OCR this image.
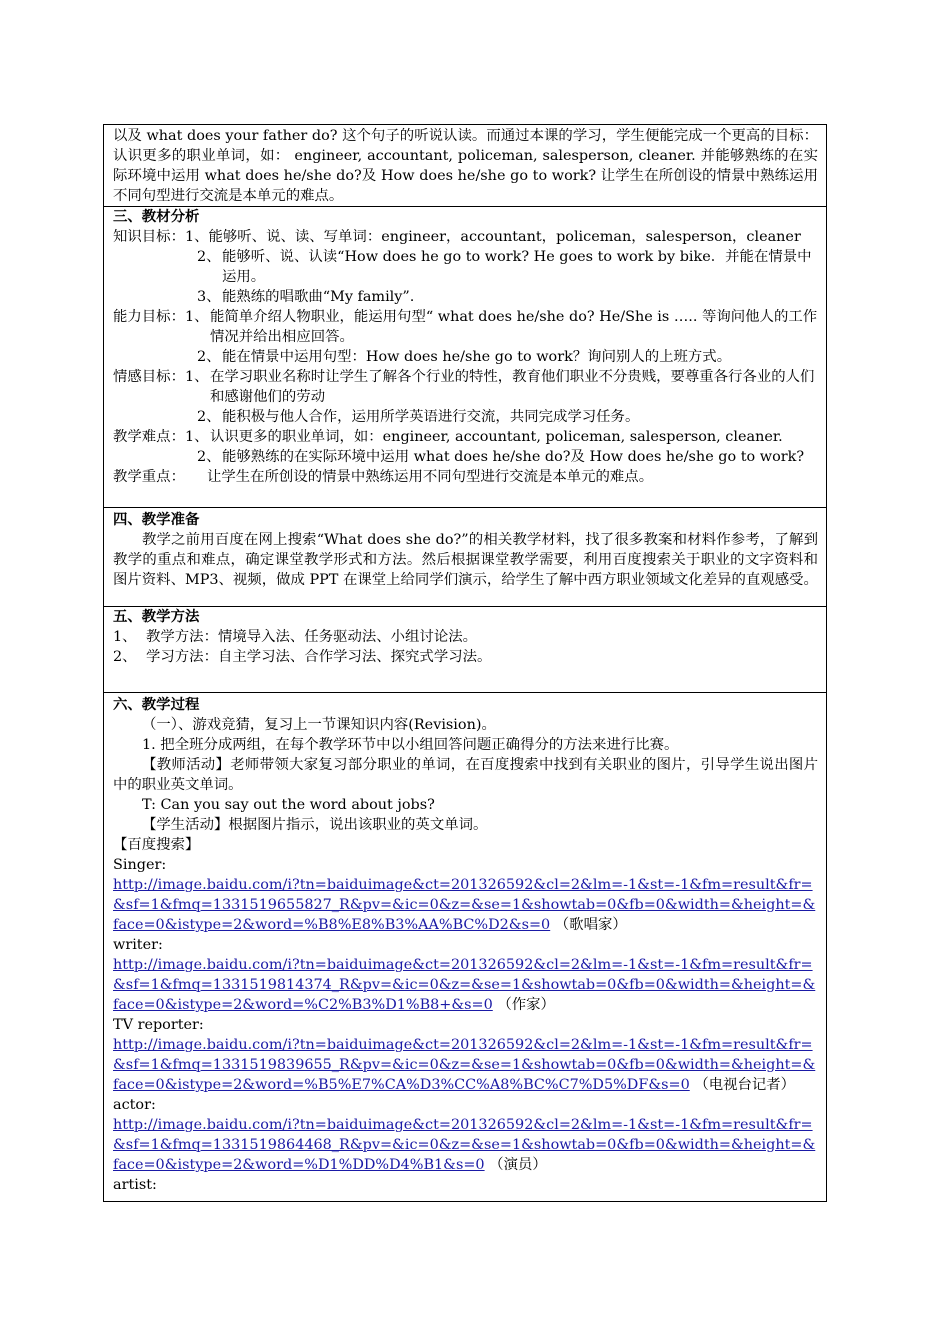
以及 what does your father do? 这个句子的听说认读。而通过本课的学习，学生便能完成一个更高的目标：认识更多的职业单词，如： engineer, accountant, policeman, salesperson, cleaner. 并能够熟练的在实际环境中运用 what does he/she do?及 How does he/she go to work? 让学生在所创设的情景中熟练运用不同句型进行交流是本单元的难点。
三、教材分析
知识目标： 1、能够听、说、读、写单词：engineer，accountant，policeman，salesperson，cleaner
2、 能够听、说、认读“How does he go to work? He goes to work by bike．并能在情景中运用。
3、 能熟练的唱歌曲“My family”.
能力目标： 1、 能简单介绍人物职业，能运用句型“ what does he/she do? He/She is ….. 等询问他人的工作情况并给出相应回答。
2、 能在情景中运用句型：How does he/she go to work？询问别人的上班方式。
情感目标： 1、 在学习职业名称时让学生了解各个行业的特性，教育他们职业不分贵贱，要尊重各行各业的人们和感谢他们的劳动
2、 能积极与他人合作，运用所学英语进行交流，共同完成学习任务。
教学难点： 1、 认识更多的职业单词，如：engineer, accountant, policeman, salesperson, cleaner.
2、 能够熟练的在实际环境中运用 what does he/she do?及 How does he/she go to work?
教学重点：	让学生在所创设的情景中熟练运用不同句型进行交流是本单元的难点。
四、教学准备
教学之前用百度在网上搜索“What does she do?”的相关教学材料，找了很多教案和材料作参考，了解到教学的重点和难点，确定课堂教学形式和方法。然后根据课堂教学需要，利用百度搜索关于职业的文字资料和图片资料、MP3、视频，做成 PPT 在课堂上给同学们演示，给学生了解中西方职业领域文化差异的直观感受。
五、教学方法
1、 教学方法：情境导入法、任务驱动法、小组讨论法。
2、 学习方法：自主学习法、合作学习法、探究式学习法。
六、教学过程
（一）、游戏竞猜，复习上一节课知识内容(Revision)。
1. 把全班分成两组，在每个教学环节中以小组回答问题正确得分的方法来进行比赛。
【教师活动】老师带领大家复习部分职业的单词，在百度搜索中找到有关职业的图片，引导学生说出图片中的职业英文单词。
T: Can you say out the word about jobs?
【学生活动】根据图片指示，说出该职业的英文单词。
【百度搜索】
Singer:
http://image.baidu.com/i?tn=baiduimage&ct=201326592&cl=2&lm=-1&st=-1&fm=result&fr=&sf=1&fmq=1331519655827_R&pv=&ic=0&z=&se=1&showtab=0&fb=0&width=&height=&face=0&istype=2&word=%B8%E8%B3%AA%BC%D2&s=0 （歌唱家）
writer:
http://image.baidu.com/i?tn=baiduimage&ct=201326592&cl=2&lm=-1&st=-1&fm=result&fr=&sf=1&fmq=1331519814374_R&pv=&ic=0&z=&se=1&showtab=0&fb=0&width=&height=&face=0&istype=2&word=%C2%B3%D1%B8+&s=0 （作家）
TV reporter:
http://image.baidu.com/i?tn=baiduimage&ct=201326592&cl=2&lm=-1&st=-1&fm=result&fr=&sf=1&fmq=1331519839655_R&pv=&ic=0&z=&se=1&showtab=0&fb=0&width=&height=&face=0&istype=2&word=%B5%E7%CA%D3%CC%A8%BC%C7%D5%DF&s=0 （电视台记者）
actor:
http://image.baidu.com/i?tn=baiduimage&ct=201326592&cl=2&lm=-1&st=-1&fm=result&fr=&sf=1&fmq=1331519864468_R&pv=&ic=0&z=&se=1&showtab=0&fb=0&width=&height=&face=0&istype=2&word=%D1%DD%D4%B1&s=0 （演员）
artist:
